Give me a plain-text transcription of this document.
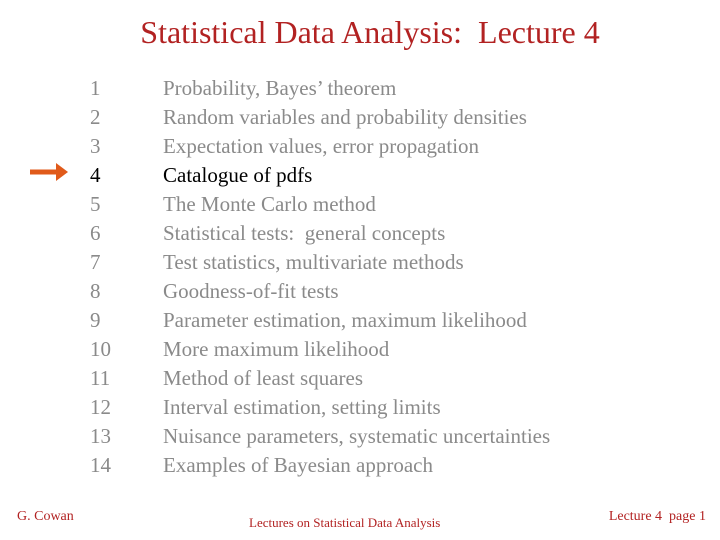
Statistical Data Analysis:  Lecture 4
1	Probability, Bayes’ theorem
2	Random variables and probability densities
3	Expectation values, error propagation
4	Catalogue of pdfs
5	The Monte Carlo method
6	Statistical tests:  general concepts
7	Test statistics, multivariate methods
8	Goodness-of-fit tests
9	Parameter estimation, maximum likelihood
10 More maximum likelihood
11	Method of least squares
12 Interval estimation, setting limits
13 Nuisance parameters, systematic uncertainties
14 Examples of Bayesian approach
G. Cowan	Lectures on Statistical Data Analysis	Lecture 4  page 1
